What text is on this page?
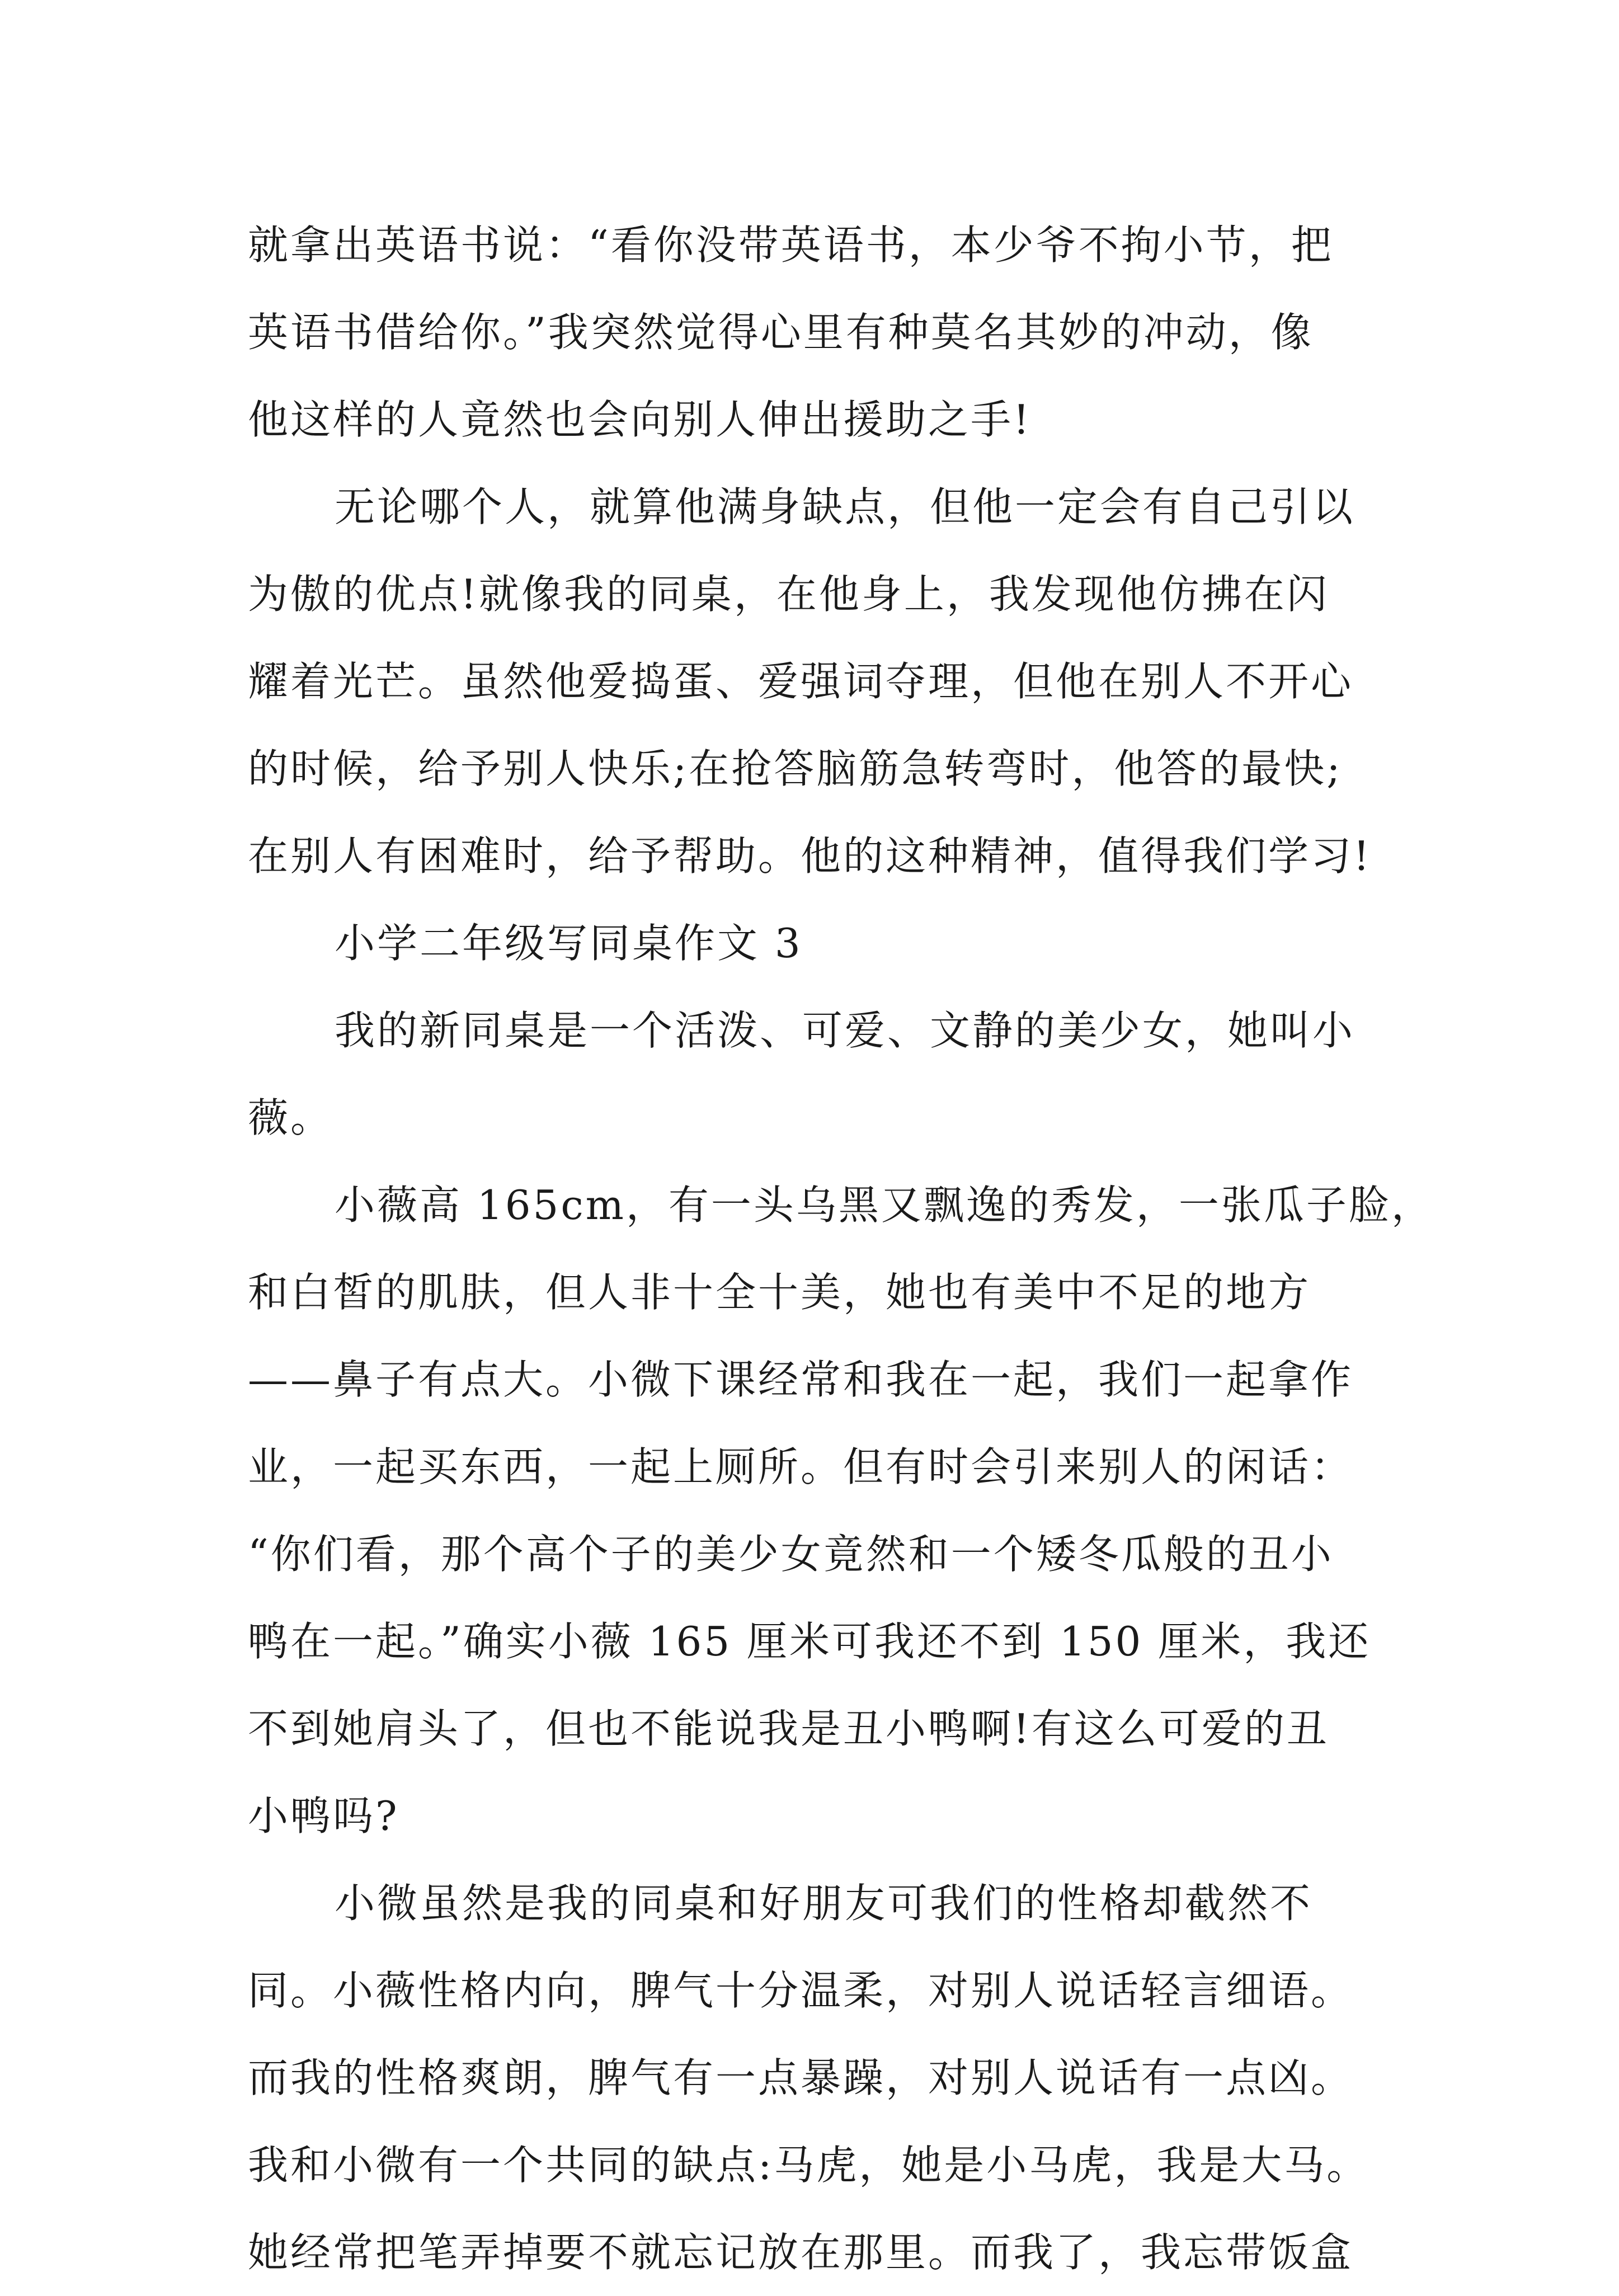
就拿出英语书说：“看你没带英语书，本少爷不拘小节，把
英语书借给你。”我突然觉得心里有种莫名其妙的冲动，像
他这样的人竟然也会向别人伸出援助之手!
无论哪个人，就算他满身缺点，但他一定会有自己引以
为傲的优点!就像我的同桌，在他身上，我发现他仿拂在闪
耀着光芒。虽然他爱捣蛋、爱强词夺理，但他在别人不开心
的时候，给予别人快乐;在抢答脑筋急转弯时，他答的最快;
在别人有困难时，给予帮助。他的这种精神，值得我们学习!
小学二年级写同桌作文 3
我的新同桌是一个活泼、可爱、文静的美少女，她叫小
薇。
小薇高 165cm，有一头乌黑又飘逸的秀发，一张瓜子脸，
和白皙的肌肤，但人非十全十美，她也有美中不足的地方
——鼻子有点大。小微下课经常和我在一起，我们一起拿作
业，一起买东西，一起上厕所。但有时会引来别人的闲话：
“你们看，那个高个子的美少女竟然和一个矮冬瓜般的丑小
鸭在一起。”确实小薇 165 厘米可我还不到 150 厘米，我还
不到她肩头了，但也不能说我是丑小鸭啊!有这么可爱的丑
小鸭吗?
小微虽然是我的同桌和好朋友可我们的性格却截然不
同。小薇性格内向，脾气十分温柔，对别人说话轻言细语。
而我的性格爽朗，脾气有一点暴躁，对别人说话有一点凶。
我和小微有一个共同的缺点:马虎，她是小马虎，我是大马。
她经常把笔弄掉要不就忘记放在那里。而我了，我忘带饭盒
